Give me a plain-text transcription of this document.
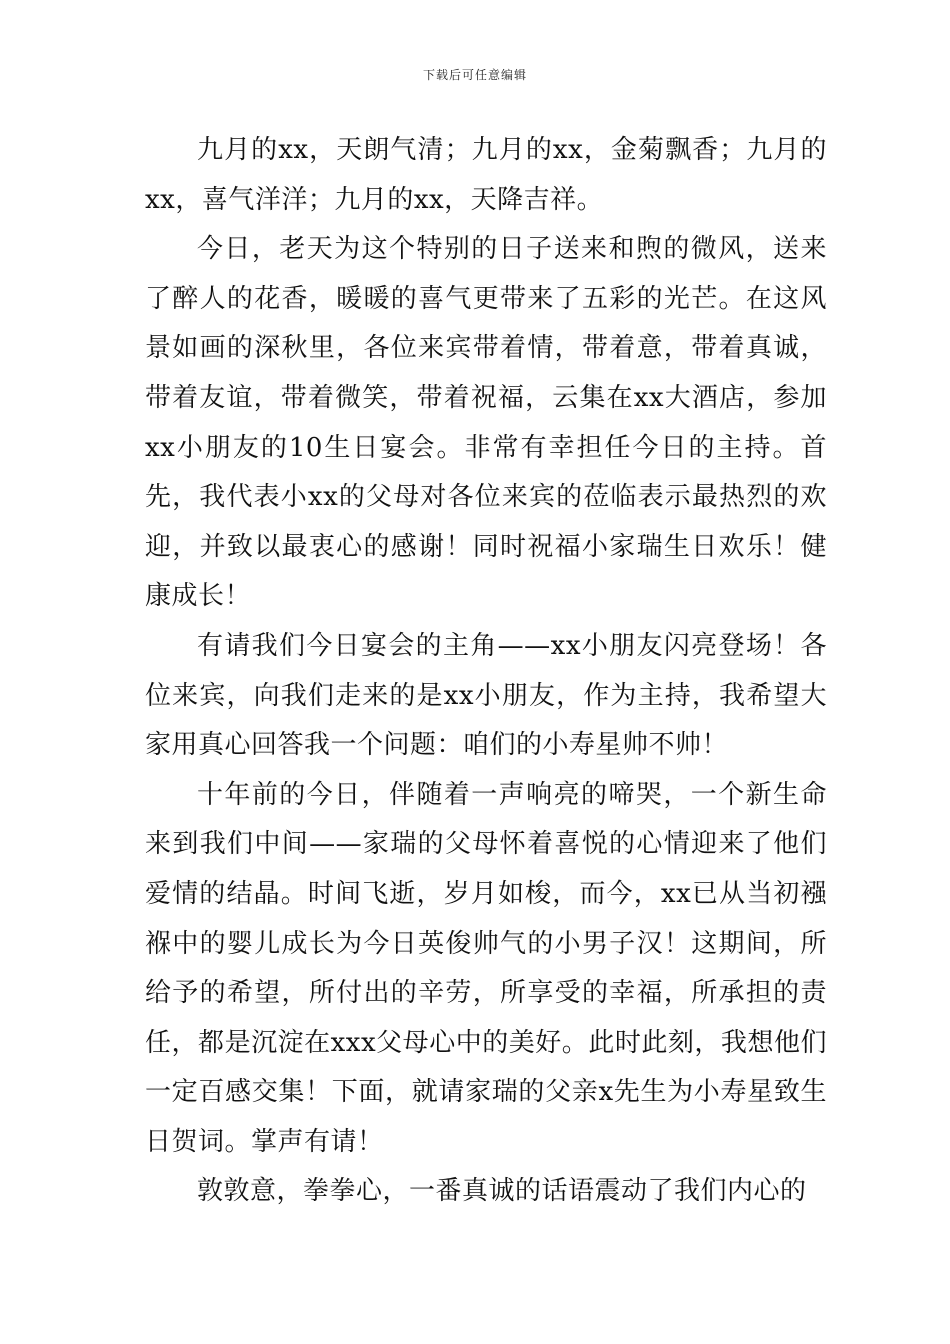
下载后可任意编辑

九月的xx，天朗气清；九月的xx，金菊飘香；九月的xx，喜气洋洋；九月的xx，天降吉祥。

今日，老天为这个特别的日子送来和煦的微风，送来了醉人的花香，暖暖的喜气更带来了五彩的光芒。在这风景如画的深秋里，各位来宾带着情，带着意，带着真诚，带着友谊，带着微笑，带着祝福，云集在xx大酒店，参加xx小朋友的10生日宴会。非常有幸担任今日的主持。首先，我代表小xx的父母对各位来宾的莅临表示最热烈的欢迎，并致以最衷心的感谢！同时祝福小家瑞生日欢乐！健康成长！

有请我们今日宴会的主角——xx小朋友闪亮登场！各位来宾，向我们走来的是xx小朋友，作为主持，我希望大家用真心回答我一个问题：咱们的小寿星帅不帅！

十年前的今日，伴随着一声响亮的啼哭，一个新生命来到我们中间——家瑞的父母怀着喜悦的心情迎来了他们爱情的结晶。时间飞逝，岁月如梭，而今，xx已从当初襁褓中的婴儿成长为今日英俊帅气的小男子汉！这期间，所给予的希望，所付出的辛劳，所享受的幸福，所承担的责任，都是沉淀在xxx父母心中的美好。此时此刻，我想他们一定百感交集！下面，就请家瑞的父亲x先生为小寿星致生日贺词。掌声有请！

敦敦意，拳拳心，一番真诚的话语震动了我们内心的
